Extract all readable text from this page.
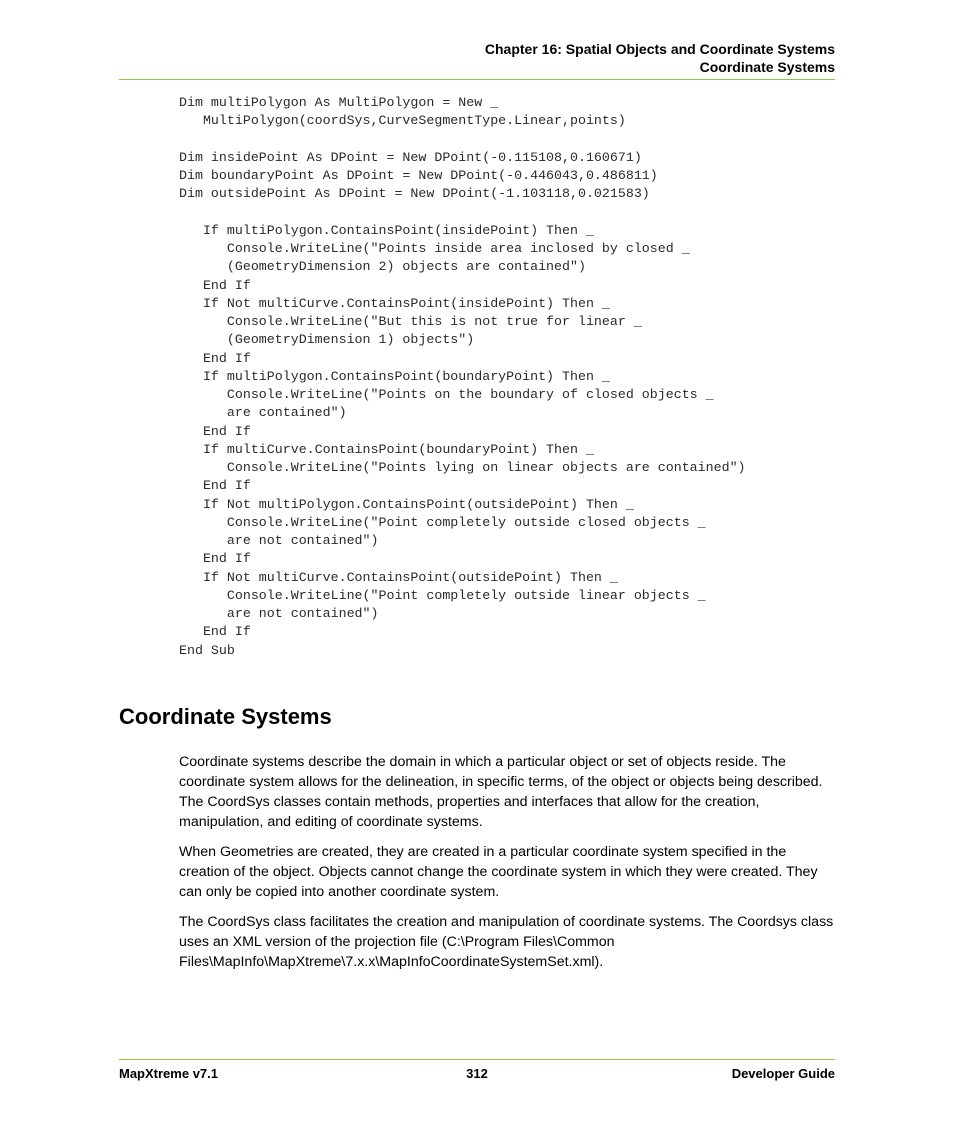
Chapter 16: Spatial Objects and Coordinate Systems
Coordinate Systems
Dim multiPolygon As MultiPolygon = New _
MultiPolygon(coordSys,CurveSegmentType.Linear,points)
Dim insidePoint As DPoint = New DPoint(-0.115108,0.160671)
Dim boundaryPoint As DPoint = New DPoint(-0.446043,0.486811)
Dim outsidePoint As DPoint = New DPoint(-1.103118,0.021583)
If multiPolygon.ContainsPoint(insidePoint) Then _
Console.WriteLine("Points inside area inclosed by closed _
(GeometryDimension 2) objects are contained")
End If
If Not multiCurve.ContainsPoint(insidePoint) Then _
Console.WriteLine("But this is not true for linear _
(GeometryDimension 1) objects")
End If
If multiPolygon.ContainsPoint(boundaryPoint) Then _
Console.WriteLine("Points on the boundary of closed objects _
are contained")
End If
If multiCurve.ContainsPoint(boundaryPoint) Then _
Console.WriteLine("Points lying on linear objects are contained")
End If
If Not multiPolygon.ContainsPoint(outsidePoint) Then _
Console.WriteLine("Point completely outside closed objects _
are not contained")
End If
If Not multiCurve.ContainsPoint(outsidePoint) Then _
Console.WriteLine("Point completely outside linear objects _
are not contained")
End If
End Sub
Coordinate Systems

Coordinate systems describe the domain in which a particular object or set of objects reside. The coordinate system allows for the delineation, in specific terms, of the object or objects being described. The CoordSys classes contain methods, properties and interfaces that allow for the creation, manipulation, and editing of coordinate systems.

When Geometries are created, they are created in a particular coordinate system specified in the creation of the object. Objects cannot change the coordinate system in which they were created. They can only be copied into another coordinate system.

The CoordSys class facilitates the creation and manipulation of coordinate systems. The Coordsys class uses an XML version of the projection file (C:\Program Files\Common Files\MapInfo\MapXtreme\7.x.x\MapInfoCoordinateSystemSet.xml).

MapXtreme v7.1	312	Developer Guide
